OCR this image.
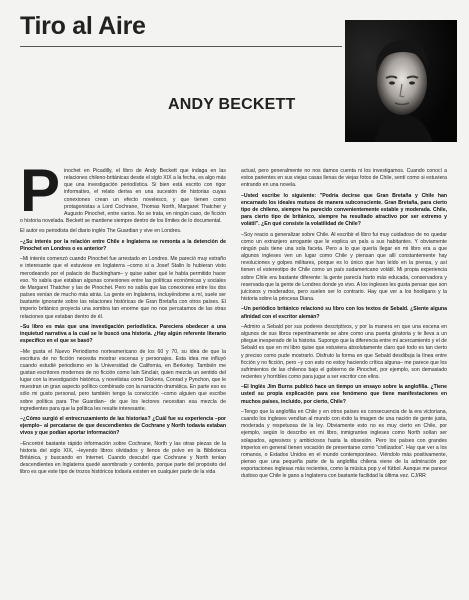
Tiro al Aire
ANDY BECKETT

Pinochet en Picadilly, el libro de Andy Beckett que indaga en las relaciones chileno-británicas desde el siglo XIX a la fecha, es algo más que una investigación periodística. Si bien está escrito con rigor informativo, el relato deriva en una sucesión de historias cuyas conexiones crean un efecto novelesco, y que tienen como protagonistas a Lord Cochrane, Thomas North, Margaret Thatcher y Augusto Pinochet, entre varios. No se trata, en ningún caso, de ficción o historia novelada. Beckett se mantiene siempre dentro de los límites de lo documental.

El autor es periodista del diario inglés The Guardian y vive en Londres.

–¿Su interés por la relación entre Chile e Inglaterra se remonta a la detención de Pinochet en Londres o es anterior?

–Mi interés comenzó cuando Pinochet fue arrestado en Londres. Me pareció muy extraño e interesante que el estuviese en Inglaterra –como si a Josef Stalin lo hubieran visto merodeando por el palacio de Buckingham– y quise saber qué le había permitido hacer eso. Yo sabía que estaban algunas conexiones entre las políticas económicas y sociales de Margaret Thatcher y las de Pinochet. Pero no sabía que las conexiones entre los dos países venían de mucho más atrás. La gente en Inglaterra, incluyéndome a mí, suele ser bastante ignorante sobre las relaciones históricas de Gran Bretaña con otros países. El imperio británico proyecta una sombra tan enorme que no nos percatamos de las otras relaciones que estaban dentro de él.

–Su libro es más que una investigación periodística. Pareciera obedecer a una inquietud narrativa a la cual se le buscó una historia. ¿Hay algún referente literario específico en el que se basó?

–Me gusta el Nuevo Periodismo norteamericano de los 60 y 70, su idea de que la escritura de no ficción necesita mostrar escenas y personajes. Esta idea me influyó cuando estudié periodismo en la Universidad de California, en Berkeley. También me gustan escritores modernos de no ficción como Iain Sinclair, quien mezcla un sentido del lugar con la investigación histórica, y novelistas como Dickens, Conrad y Pynchon, que le muestran un gran aspecto político combinado con la narración dramática. En parte eso es sólo mi gusto personal, pero también tengo la convicción –como alguien que escribe sobre política para The Guardian– de que los lectores necesitan esa mezcla de ingredientes para que la política les resulte interesante.

–¿Cómo surgió el entrecruzamiento de las historias? ¿Cuál fue su experiencia –por ejemplo– al percatarse de que descendientes de Cochrane y North todavía estaban vivos y que podían aportar información?

–Encontré bastante rápido información sobre Cochrane, North y las otras piezas de la historia del siglo XIX, –leyendo libros olvidados y llenos de polvo en la Biblioteca Británica, y buscando en Internet. Cuando descubrí que Cochrane y North tenían descendientes en Inglaterra quedé asombrado y contento, porque parte del propósito del libro es que este tipo de trozos históricos todavía existen en cualquier parte de la vida

actual, pero generalmente no nos damos cuenta ni los investigamos. Cuando conocí a estos parientes en sus viejas casas llenas de viejas fotos de Chile, sentí como si estuviera entrando en una novela.

–Usted escribe lo siguiente: "Podría decirse que Gran Bretaña y Chile han encarnado los ideales mutuos de manera subconsciente. Gran Bretaña, para cierto tipo de chileno, siempre ha parecido convenientemente estable y moderada. Chile, para cierto tipo de británico, siempre ha resultado atractivo por ser extremo y volátil". ¿En qué consiste la volatilidad de Chile?

–Soy reacio a generalizar sobre Chile. Al escribir el libro fui muy cuidadoso de no quedar como un extranjero arrogante que le explica un país a sus habitantes. Y obviamente ningún país tiene una sola faceta. Pero a lo que quería llegar en mi libro era a que algunos ingleses ven un lugar como Chile y piensan que allí constantemente hay revoluciones y golpes militares, porque es lo único que han leído en la prensa, y así tienen el estereotipo de Chile como un país sudamericano volátil. Mi propia experiencia sobre Chile era bastante diferente: la gente parecía harto más educada, conservadora y reservada que la gente de Londres donde yo vivo. A los ingleses les gusta pensar que son juiciosos y moderados, pero suelen ser lo contrario. Hay que ver a los hooligans y la historia sobre la princesa Diana.

–Un periódico británico relacionó su libro con los textos de Sebald. ¿Siente alguna afinidad con el escritor alemán?

–Admiro a Sebald por sus poderes descriptivos, y por la manera en que una escena en algunos de sus libros repentinamente se abre como una puerta giratoria y te lleva a un pliegue inesperado de la historia. Supongo que la diferencia entre mi acercamiento y el de Sebald es que en mi libro quise que estuviera absolutamente claro qué todo es tan cierto y preciso como pude mostrarlo. Disfruto la forma en que Sebald desdibuja la línea entre ficción y no ficción, pero –y con esto no estoy haciendo crítica alguna– me parece que los sufrimientos de las chilenos bajo el gobierno de Pinochet, por ejemplo, son demasiado recientes y horribles como para jugar a ser escritor con ellos.

–El Inglés Jim Burns publicó hace un tiempo un ensayo sobre la anglofilia. ¿Tiene usted su propia explicación para ese fenómeno que tiene manifestaciones en muchos países, incluido, por cierto, Chile?

–Tengo que la anglofilia en Chile y en otros países es consecuencia de la era victoriana, cuando los ingleses vendían al mundo con éxito la imagen de una nación de gente justa, moderada y respetuosa de la ley. Obviamente esto no es muy cierto en Chile, por ejemplo, según lo describo en mi libro, inmigrantes ingleses como North solían ser solapados, agresivos y ambiciosos hasta la obsesión. Pero los países con grandes imperios en general tienen vocación de presentarse como "civilizados". Hay que ver a los romanos, o Estados Unidos en el mundo contemporáneo. Viéndolo más positivamente, pienso que una pequeña parte de la anglofilia chilena viene de la admiración por exportaciones inglesas más recientes, como la música pop y el fútbol. Aunque me parece dudoso que Chile le gano a Inglaterra con bastante facilidad la última vez. CJ/RR
